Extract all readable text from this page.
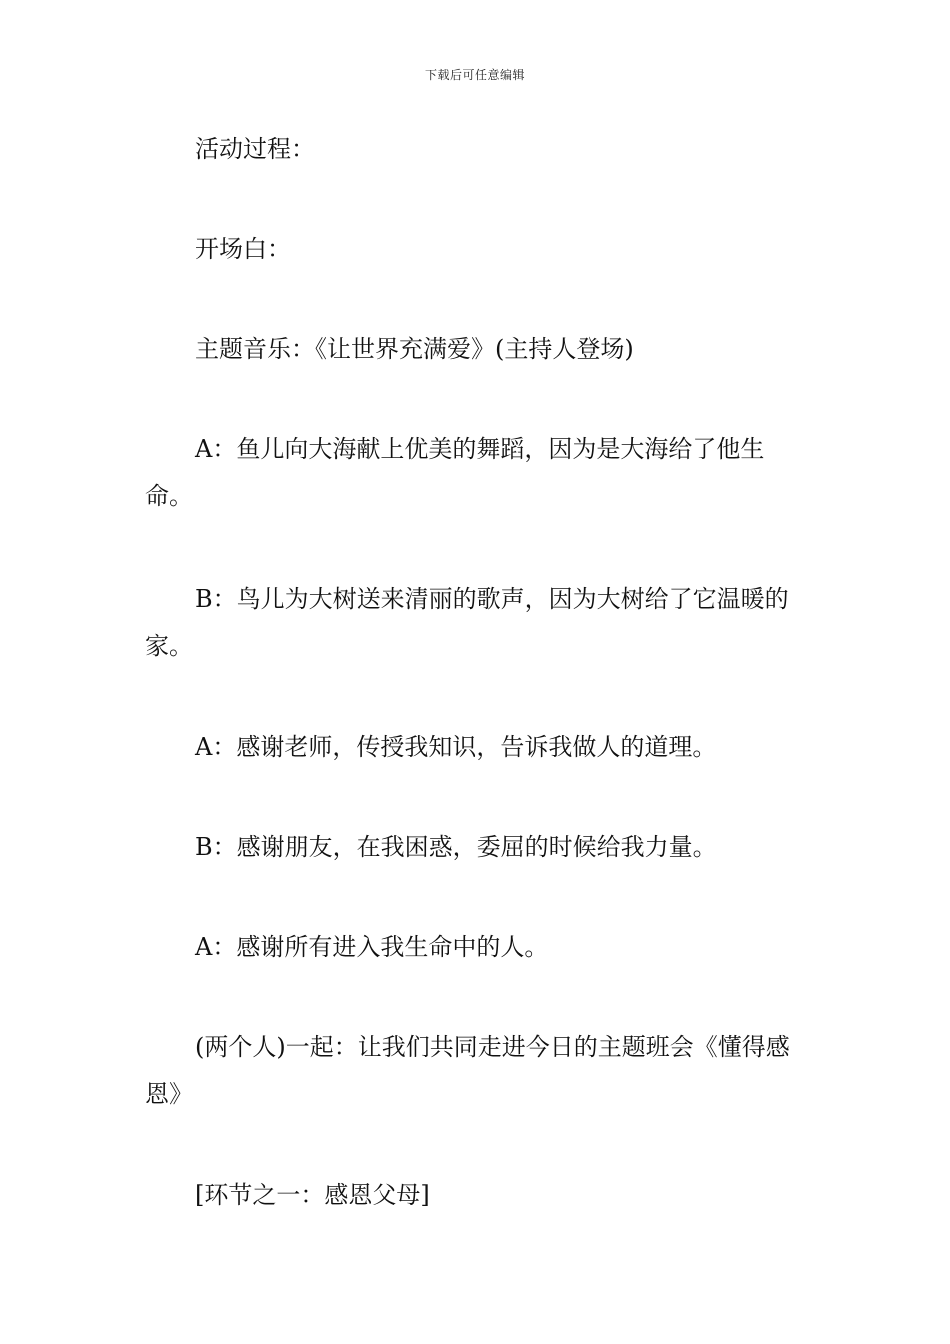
下载后可任意编辑

活动过程：

开场白：

主题音乐：《让世界充满爱》(主持人登场)

A：鱼儿向大海献上优美的舞蹈，因为是大海给了他生命。

B：鸟儿为大树送来清丽的歌声，因为大树给了它温暖的家。

A：感谢老师，传授我知识，告诉我做人的道理。

B：感谢朋友，在我困惑，委屈的时候给我力量。

A：感谢所有进入我生命中的人。

(两个人)一起：让我们共同走进今日的主题班会《懂得感恩》

[环节之一：感恩父母]
